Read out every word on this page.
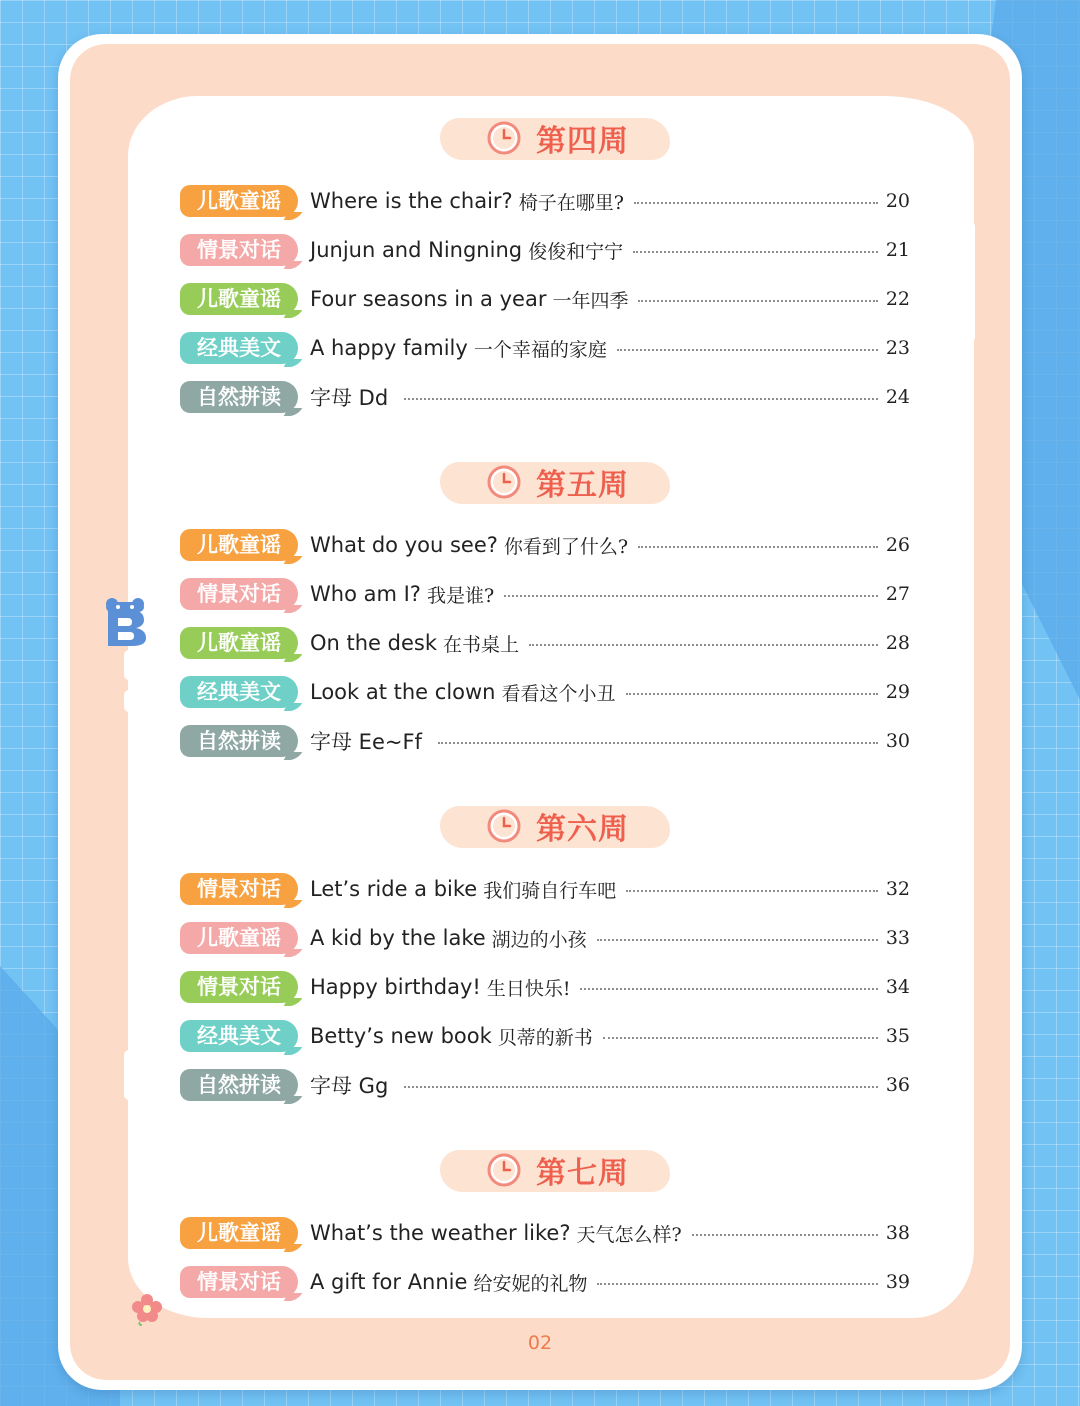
第四周
儿歌童谣	Where is the chair? 椅子在哪里?	20
情景对话	Junjun and Ningning 俊俊和宁宁	21
儿歌童谣	Four seasons in a year 一年四季	22
经典美文	A happy family 一个幸福的家庭	23
自然拼读	字母 Dd	24
第五周
儿歌童谣	What do you see? 你看到了什么?	26
情景对话	Who am I? 我是谁?	27
儿歌童谣	On the desk 在书桌上	28
经典美文	Look at the clown 看看这个小丑	29
自然拼读	字母 Ee~Ff	30
第六周
情景对话	Let’s ride a bike 我们骑自行车吧	32
儿歌童谣	A kid by the lake 湖边的小孩	33
情景对话	Happy birthday! 生日快乐!	34
经典美文	Betty’s new book 贝蒂的新书	35
自然拼读	字母 Gg	36
第七周
儿歌童谣	What’s the weather like? 天气怎么样?	38
情景对话	A gift for Annie 给安妮的礼物	39
02
